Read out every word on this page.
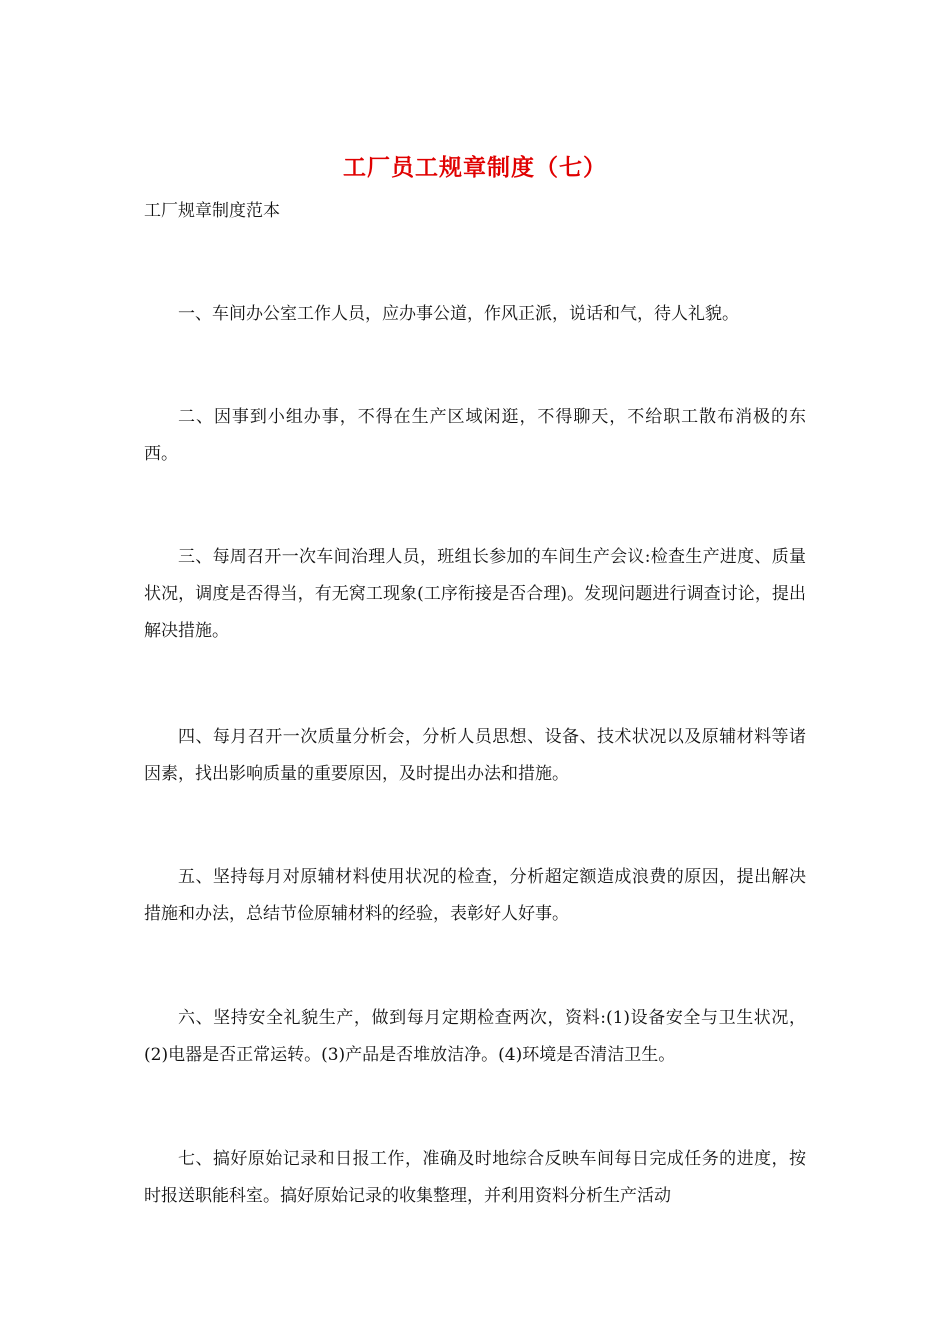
工厂员工规章制度（七）
工厂规章制度范本

一、车间办公室工作人员，应办事公道，作风正派，说话和气，待人礼貌。

二、因事到小组办事，不得在生产区域闲逛，不得聊天，不给职工散布消极的东西。

三、每周召开一次车间治理人员，班组长参加的车间生产会议:检查生产进度、质量状况，调度是否得当，有无窝工现象(工序衔接是否合理)。发现问题进行调查讨论，提出解决措施。

四、每月召开一次质量分析会，分析人员思想、设备、技术状况以及原辅材料等诸因素，找出影响质量的重要原因，及时提出办法和措施。

五、坚持每月对原辅材料使用状况的检查，分析超定额造成浪费的原因，提出解决措施和办法，总结节俭原辅材料的经验，表彰好人好事。

六、坚持安全礼貌生产，做到每月定期检查两次，资料:(1)设备安全与卫生状况，(2)电器是否正常运转。(3)产品是否堆放洁净。(4)环境是否清洁卫生。

七、搞好原始记录和日报工作，准确及时地综合反映车间每日完成任务的进度，按时报送职能科室。搞好原始记录的收集整理，并利用资料分析生产活动
